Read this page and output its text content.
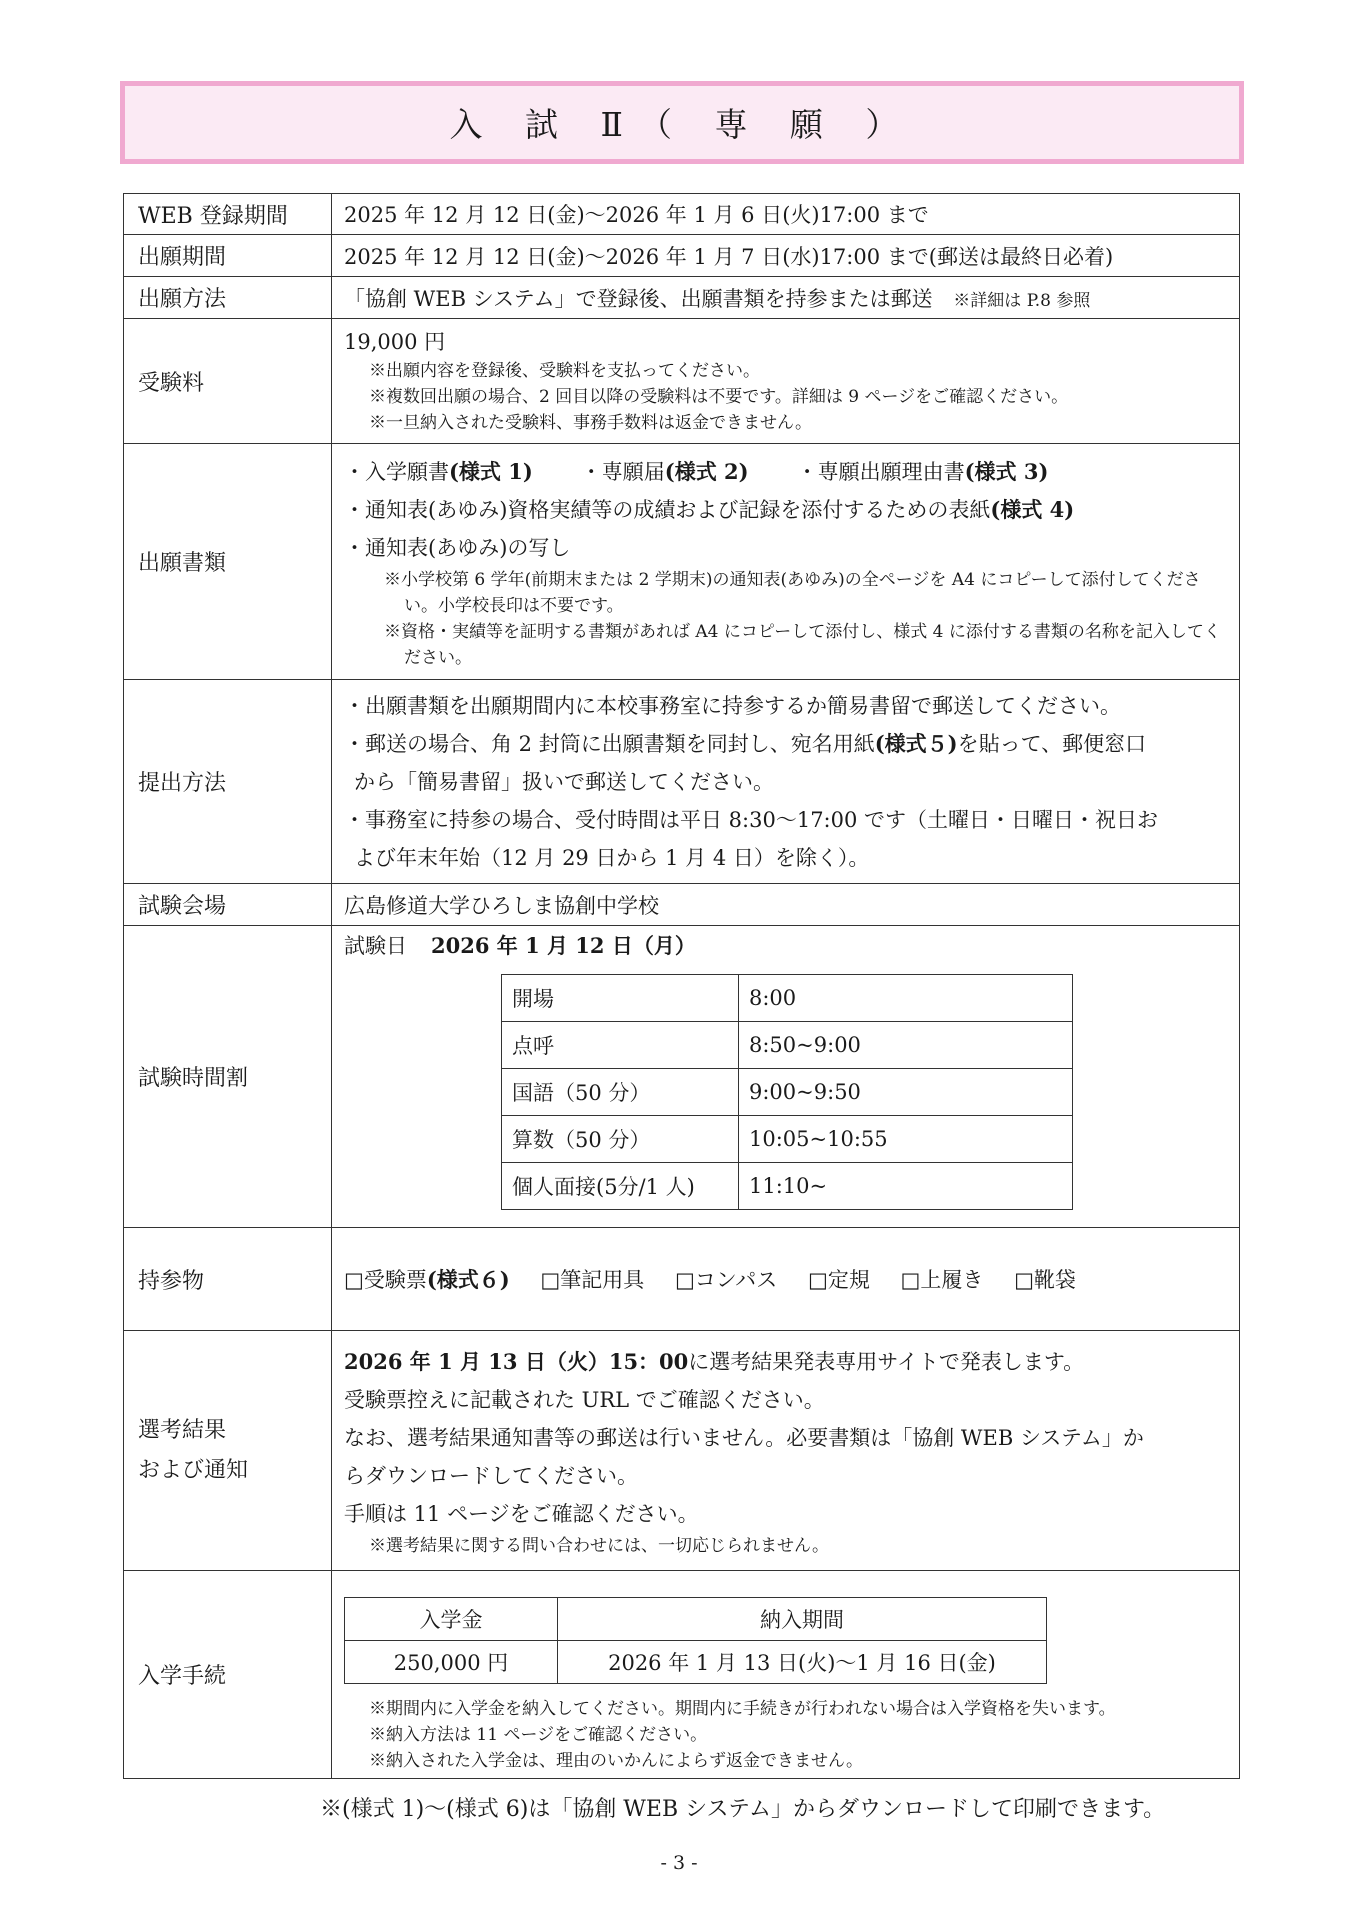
入 試 Ⅱ（ 専 願 ）
WEB 登録期間	2025 年 12 月 12 日(金)～2026 年 1 月 6 日(火)17:00 まで
出願期間	2025 年 12 月 12 日(金)～2026 年 1 月 7 日(水)17:00 まで(郵送は最終日必着)
出願方法	「協創 WEB システム」で登録後、出願書類を持参または郵送 ※詳細は P.8 参照
受験料	
19,000 円
※出願内容を登録後、受験料を支払ってください。
※複数回出願の場合、2 回目以降の受験料は不要です。詳細は 9 ページをご確認ください。
※一旦納入された受験料、事務手数料は返金できません。

出願書類	
・入学願書(様式 1) ・専願届(様式 2) ・専願出願理由書(様式 3)
・通知表(あゆみ)資格実績等の成績および記録を添付するための表紙(様式 4)
・通知表(あゆみ)の写し
※小学校第 6 学年(前期末または 2 学期末)の通知表(あゆみ)の全ページを A4 にコピーして添付してください。小学校長印は不要です。
※資格・実績等を証明する書類があれば A4 にコピーして添付し、様式 4 に添付する書類の名称を記入してください。

提出方法	
・出願書類を出願期間内に本校事務室に持参するか簡易書留で郵送してください。
・郵送の場合、角 2 封筒に出願書類を同封し、宛名用紙(様式５)を貼って、郵便窓口
から「簡易書留」扱いで郵送してください。
・事務室に持参の場合、受付時間は平日 8:30～17:00 です（土曜日・日曜日・祝日お
よび年末年始（12 月 29 日から 1 月 4 日）を除く）。

試験会場	広島修道大学ひろしま協創中学校
試験時間割	
試験日 2026 年 1 月 12 日（月）
開場	8:00
点呼	8:50~9:00
国語（50 分）	9:00~9:50
算数（50 分）	10:05~10:55
個人面接(5分/1 人)	11:10~

持参物	□受験票(様式６) □筆記用具 □コンパス □定規 □上履き □靴袋

選考結果
および通知

2026 年 1 月 13 日（火）15：00に選考結果発表専用サイトで発表します。
受験票控えに記載された URL でご確認ください。
なお、選考結果通知書等の郵送は行いません。必要書類は「協創 WEB システム」か
らダウンロードしてください。
手順は 11 ページをご確認ください。
※選考結果に関する問い合わせには、一切応じられません。

入学手続	
入学金	納入期間
250,000 円	2026 年 1 月 13 日(火)～1 月 16 日(金)
※期間内に入学金を納入してください。期間内に手続きが行われない場合は入学資格を失います。
※納入方法は 11 ページをご確認ください。
※納入された入学金は、理由のいかんによらず返金できません。
※(様式 1)～(様式 6)は「協創 WEB システム」からダウンロードして印刷できます。
- 3 -
